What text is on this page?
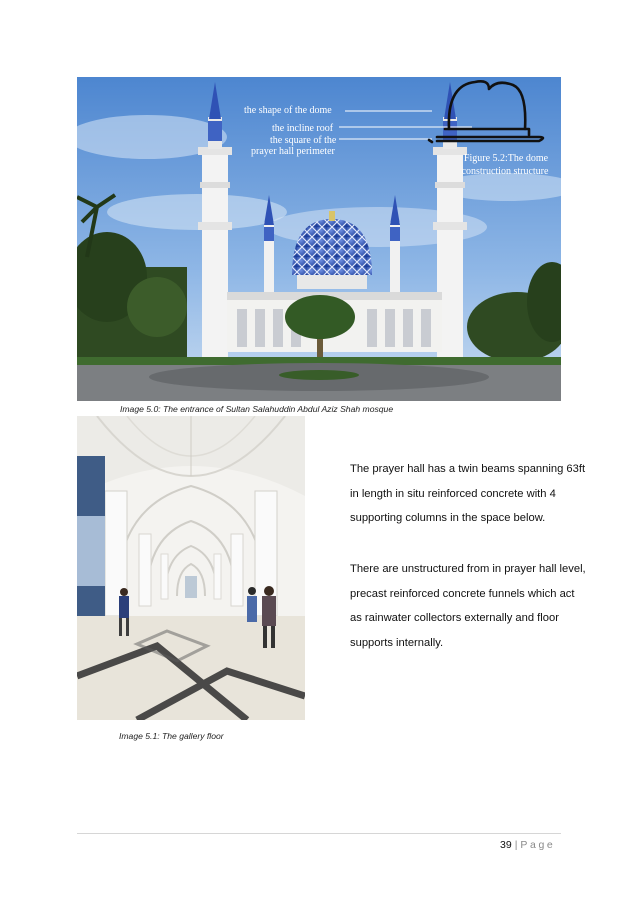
the shape of the dome
the incline roof
the square of the
prayer hall perimeter
Figure 5.2:The dome
construction structure
Image 5.0: The entrance of Sultan Salahuddin Abdul Aziz Shah mosque
Image 5.1: The gallery floor
The prayer hall has a twin beams spanning 63ft in length in situ reinforced concrete with 4 supporting columns in the space below.
There are unstructured from in prayer hall level, precast reinforced concrete funnels which act as rainwater collectors externally and floor supports internally.
39 | Page
